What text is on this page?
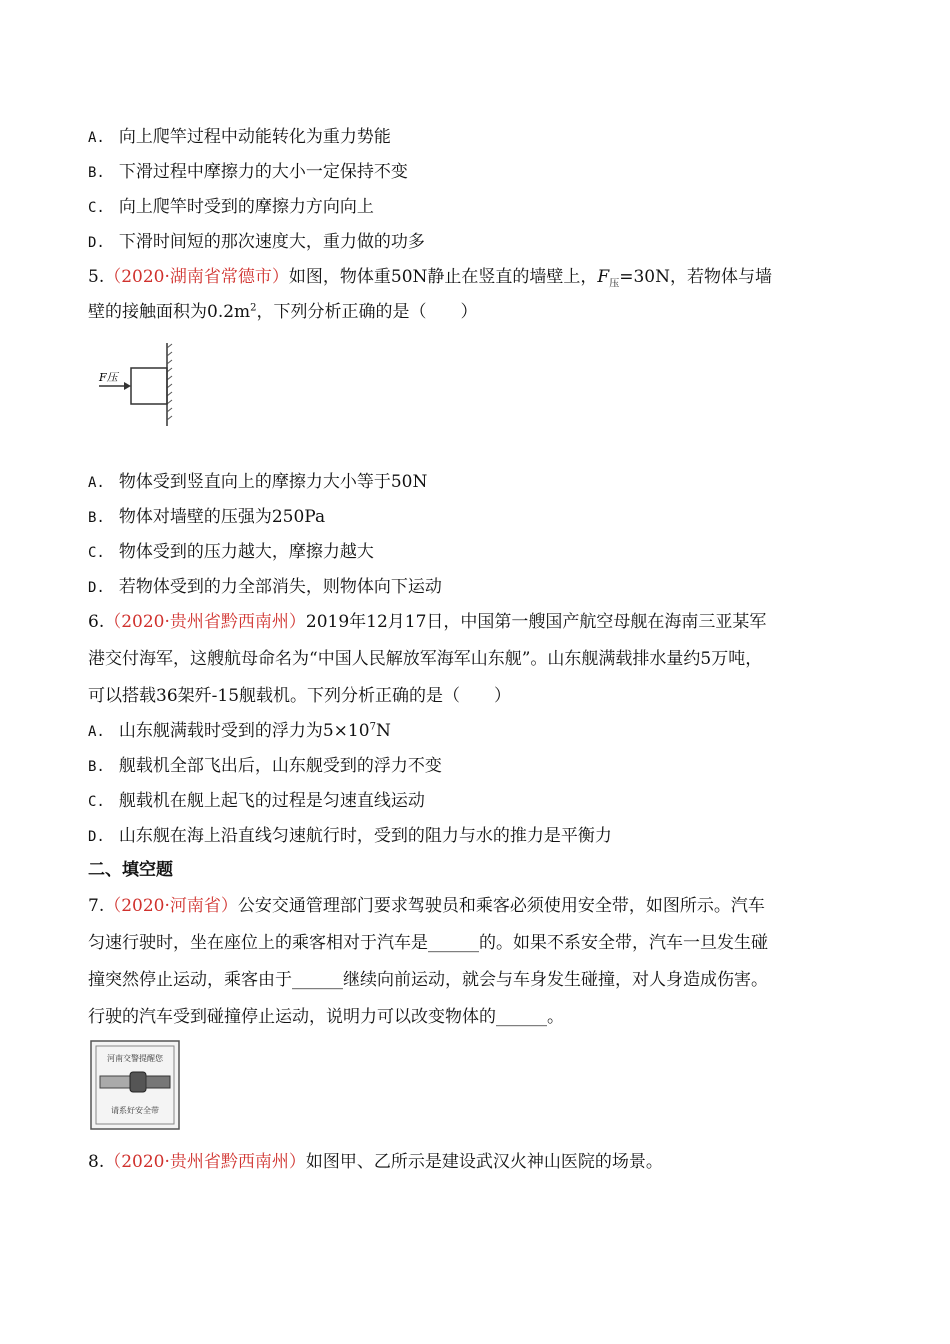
A. 向上爬竿过程中动能转化为重力势能
B. 下滑过程中摩擦力的大小一定保持不变
C. 向上爬竿时受到的摩擦力方向向上
D. 下滑时间短的那次速度大，重力做的功多
5.（2020·湖南省常德市）如图，物体重50N静止在竖直的墙壁上，$F_压=30N$，若物体与墙
壁的接触面积为$0.2m^2$，下列分析正确的是（　　）
F压
A. 物体受到竖直向上的摩擦力大小等于50N
B. 物体对墙壁的压强为250Pa
C. 物体受到的压力越大，摩擦力越大
D. 若物体受到的力全部消失，则物体向下运动
6.（2020·贵州省黔西南州）2019年12月17日，中国第一艘国产航空母舰在海南三亚某军
港交付海军，这艘航母命名为“中国人民解放军海军山东舰”。山东舰满载排水量约5万吨，
可以搭载36架歼-15舰载机。下列分析正确的是（　　）
A. 山东舰满载时受到的浮力为$5\times 10^7N$
B. 舰载机全部飞出后，山东舰受到的浮力不变
C. 舰载机在舰上起飞的过程是匀速直线运动
D. 山东舰在海上沿直线匀速航行时，受到的阻力与水的推力是平衡力
二、填空题
7.（2020·河南省）公安交通管理部门要求驾驶员和乘客必须使用安全带，如图所示。汽车
匀速行驶时，坐在座位上的乘客相对于汽车是______的。如果不系安全带，汽车一旦发生碰
撞突然停止运动，乘客由于______继续向前运动，就会与车身发生碰撞，对人身造成伤害。
行驶的汽车受到碰撞停止运动，说明力可以改变物体的______。
河南交警提醒您
请系好安全带
8.（2020·贵州省黔西南州）如图甲、乙所示是建设武汉火神山医院的场景。
